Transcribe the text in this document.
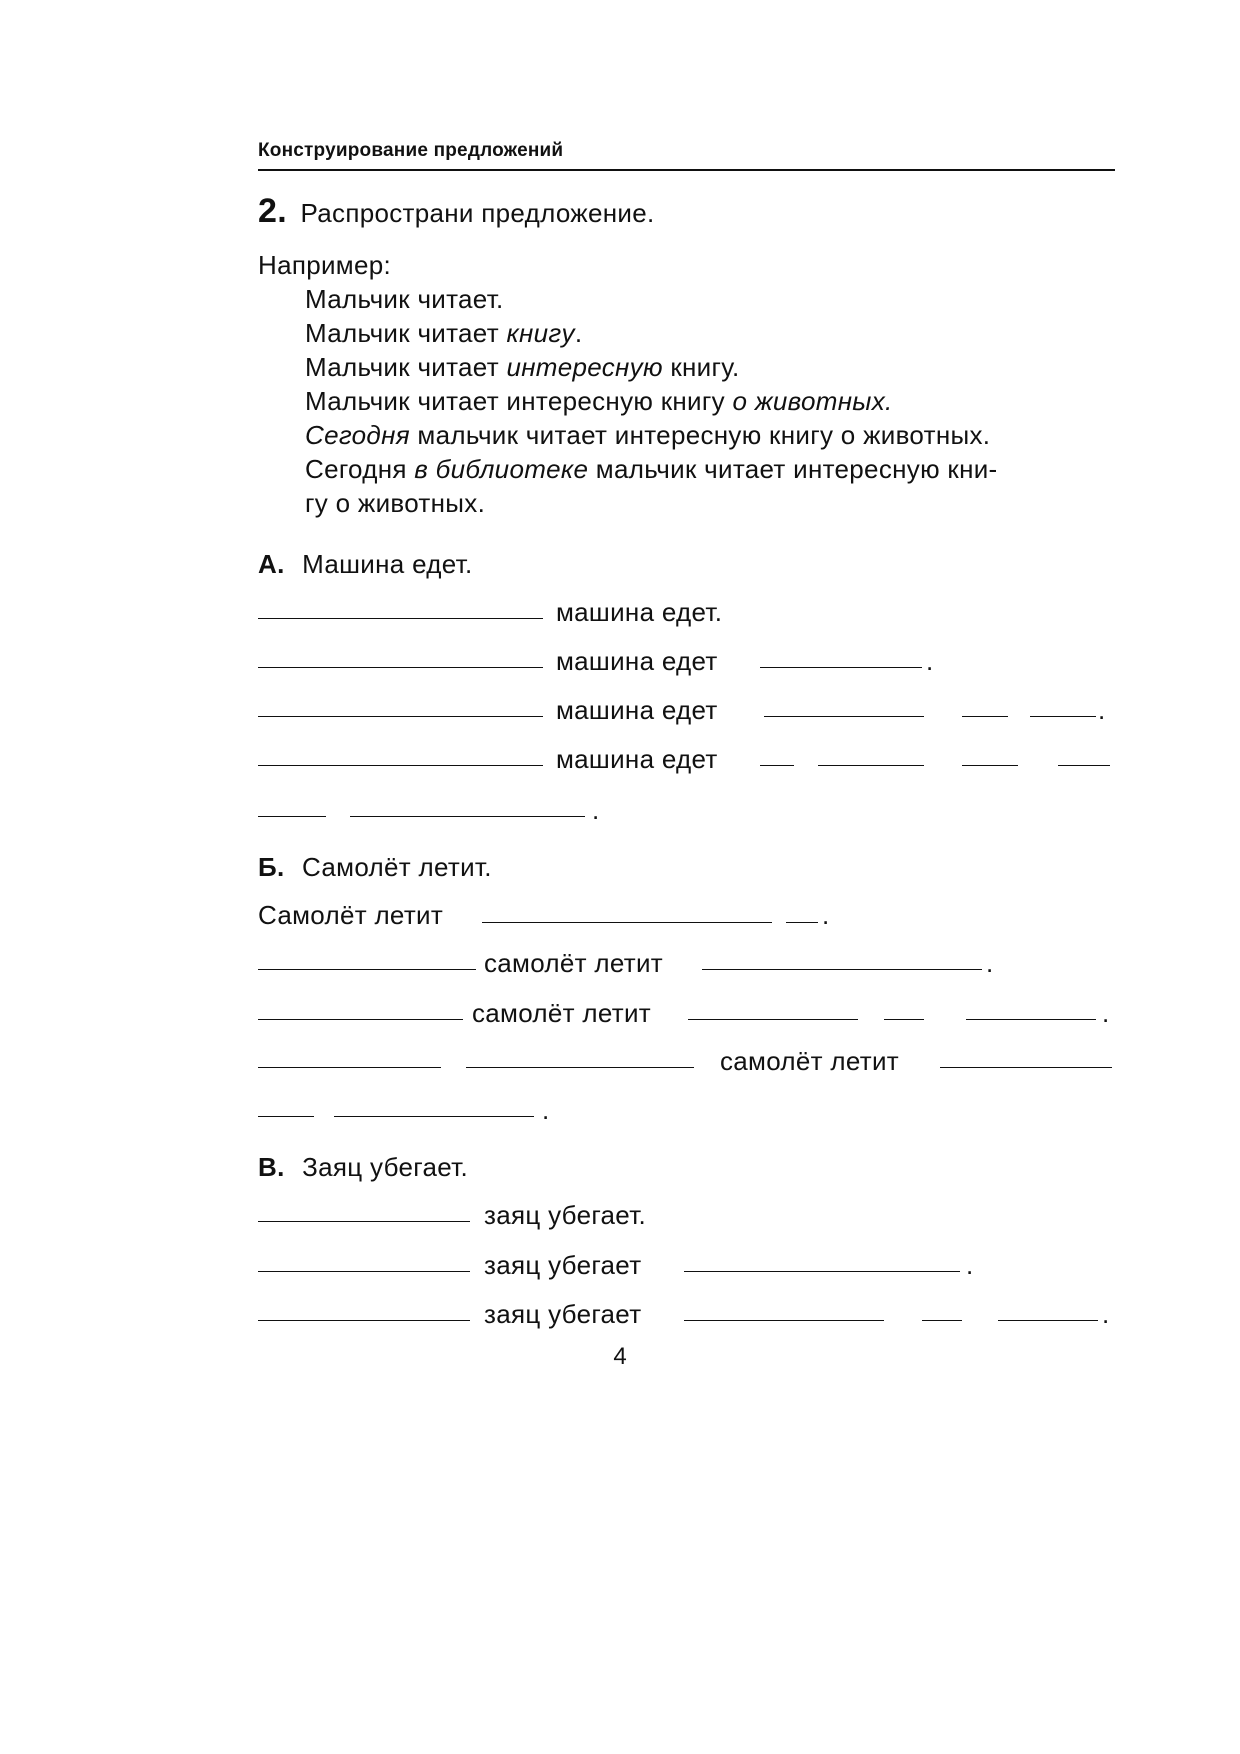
Конструирование предложений
2. Распространи предложение.
Например:
Мальчик читает.
Мальчик читает книгу.
Мальчик читает интересную книгу.
Мальчик читает интересную книгу о животных.
Сегодня мальчик читает интересную книгу о животных.
Сегодня в библиотеке мальчик читает интересную кни-
гу о животных.
А. Машина едет.
машина едет.
машина едет	.
машина едет	.
машина едет
.
Б. Самолёт летит.
Самолёт летит	.
самолёт летит	.
самолёт летит	.
самолёт летит
.
В. Заяц убегает.
заяц убегает.
заяц убегает	.
заяц убегает	.
4
